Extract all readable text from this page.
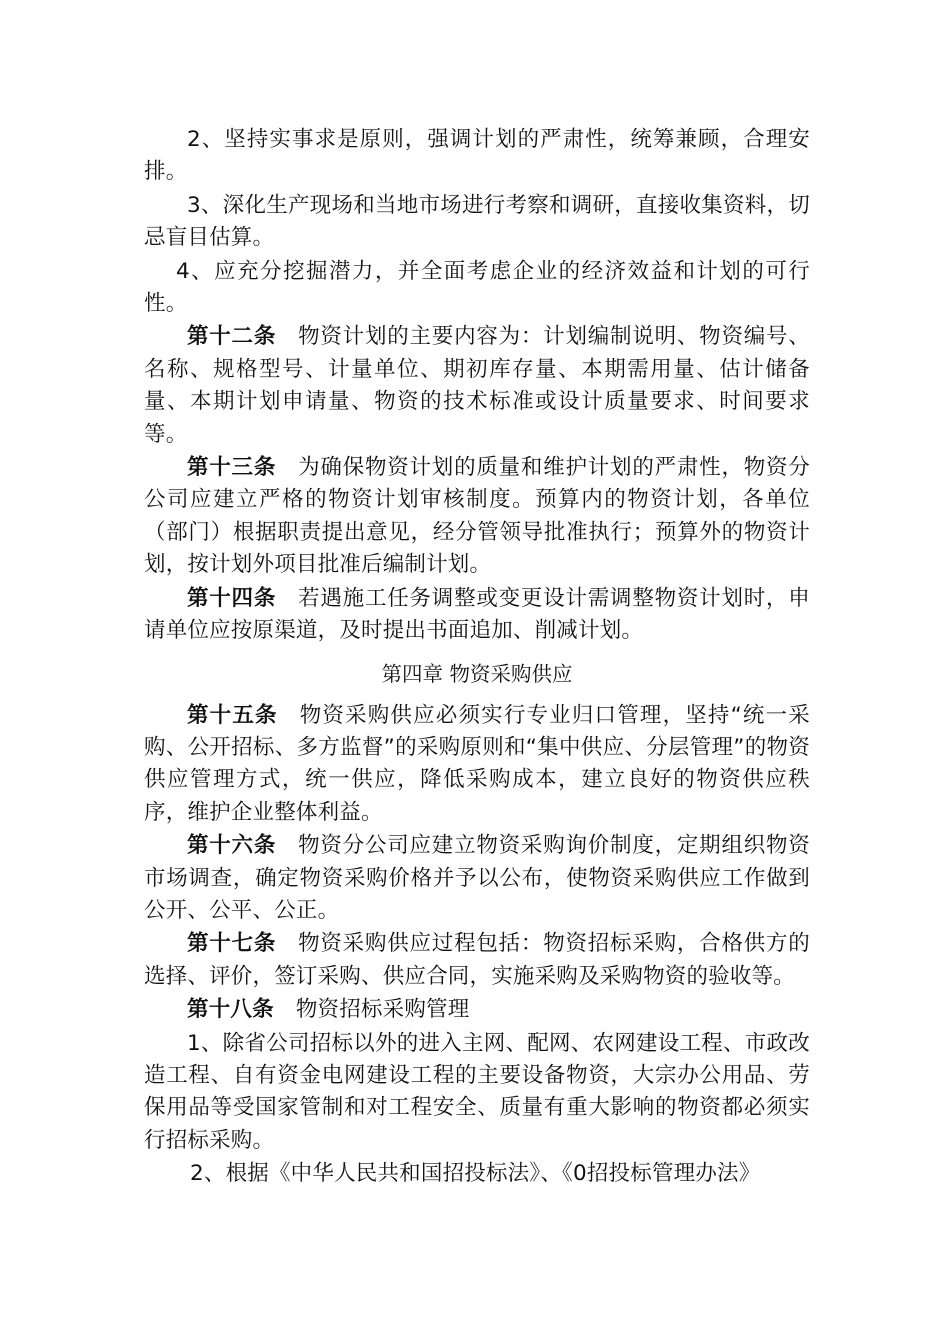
2、坚持实事求是原则，强调计划的严肃性，统筹兼顾，合理安排。

3、深化生产现场和当地市场进行考察和调研，直接收集资料，切忌盲目估算。

4、应充分挖掘潜力，并全面考虑企业的经济效益和计划的可行性。

第十二条 物资计划的主要内容为：计划编制说明、物资编号、名称、规格型号、计量单位、期初库存量、本期需用量、估计储备量、本期计划申请量、物资的技术标准或设计质量要求、时间要求等。

第十三条 为确保物资计划的质量和维护计划的严肃性，物资分公司应建立严格的物资计划审核制度。预算内的物资计划，各单位（部门）根据职责提出意见，经分管领导批准执行；预算外的物资计划，按计划外项目批准后编制计划。

第十四条 若遇施工任务调整或变更设计需调整物资计划时，申请单位应按原渠道，及时提出书面追加、削减计划。

第四章 物资采购供应

第十五条 物资采购供应必须实行专业归口管理，坚持“统一采购、公开招标、多方监督”的采购原则和“集中供应、分层管理”的物资供应管理方式，统一供应，降低采购成本，建立良好的物资供应秩序，维护企业整体利益。

第十六条 物资分公司应建立物资采购询价制度，定期组织物资市场调查，确定物资采购价格并予以公布，使物资采购供应工作做到公开、公平、公正。

第十七条 物资采购供应过程包括：物资招标采购，合格供方的选择、评价，签订采购、供应合同，实施采购及采购物资的验收等。

第十八条 物资招标采购管理

1、除省公司招标以外的进入主网、配网、农网建设工程、市政改造工程、自有资金电网建设工程的主要设备物资，大宗办公用品、劳保用品等受国家管制和对工程安全、质量有重大影响的物资都必须实行招标采购。

2、根据《中华人民共和国招投标法》、《0招投标管理办法》
